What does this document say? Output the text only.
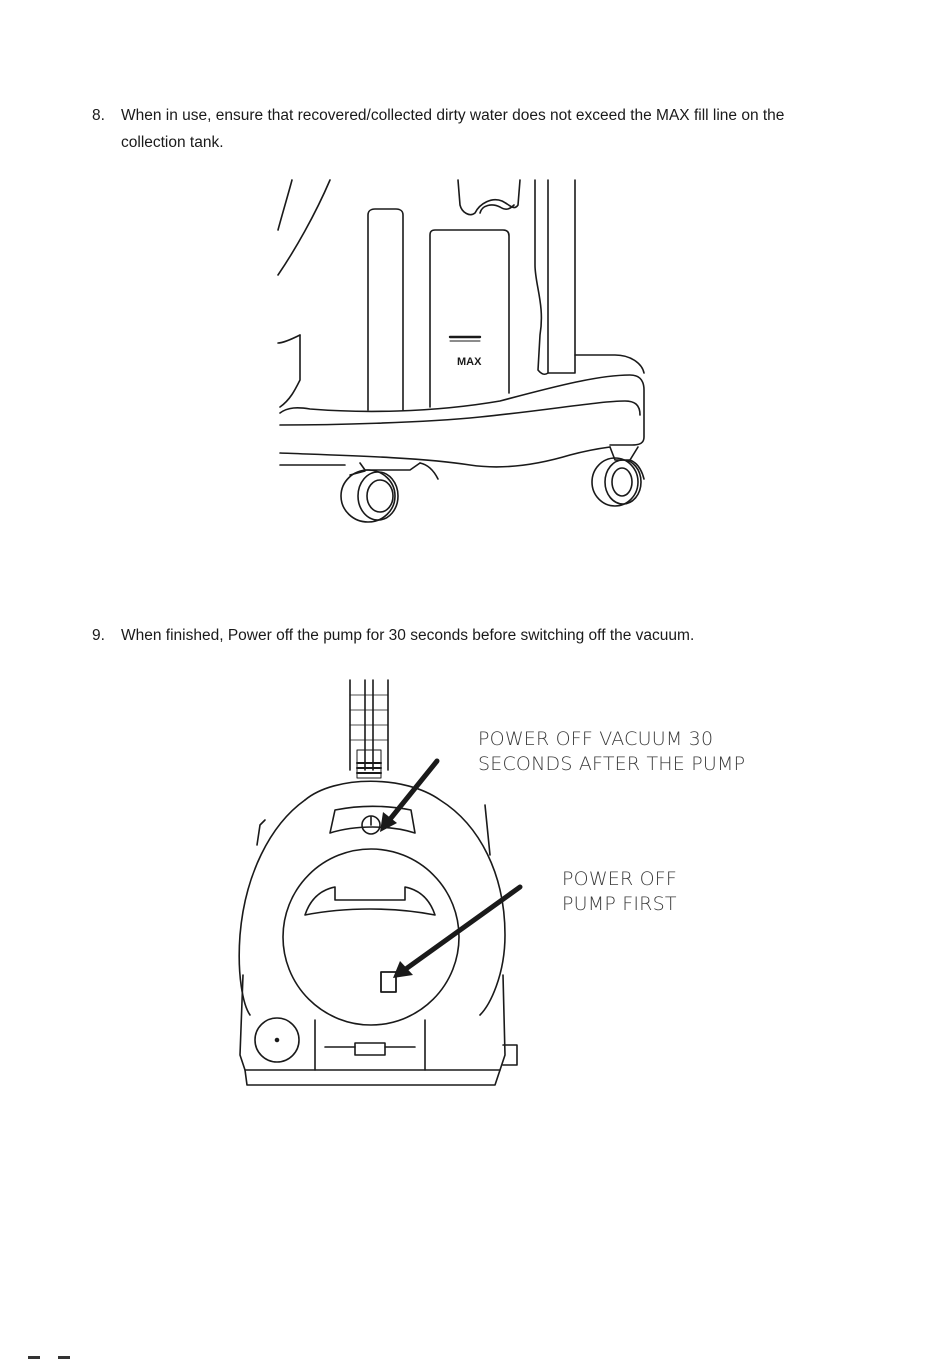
8. When in use, ensure that recovered/collected dirty water does not exceed the MAX fill line on the collection tank.
MAX
9. When finished, Power off the pump for 30 seconds before switching off the vacuum.
POWER OFF VACUUM 30
SECONDS AFTER THE PUMP
POWER OFF
PUMP FIRST
